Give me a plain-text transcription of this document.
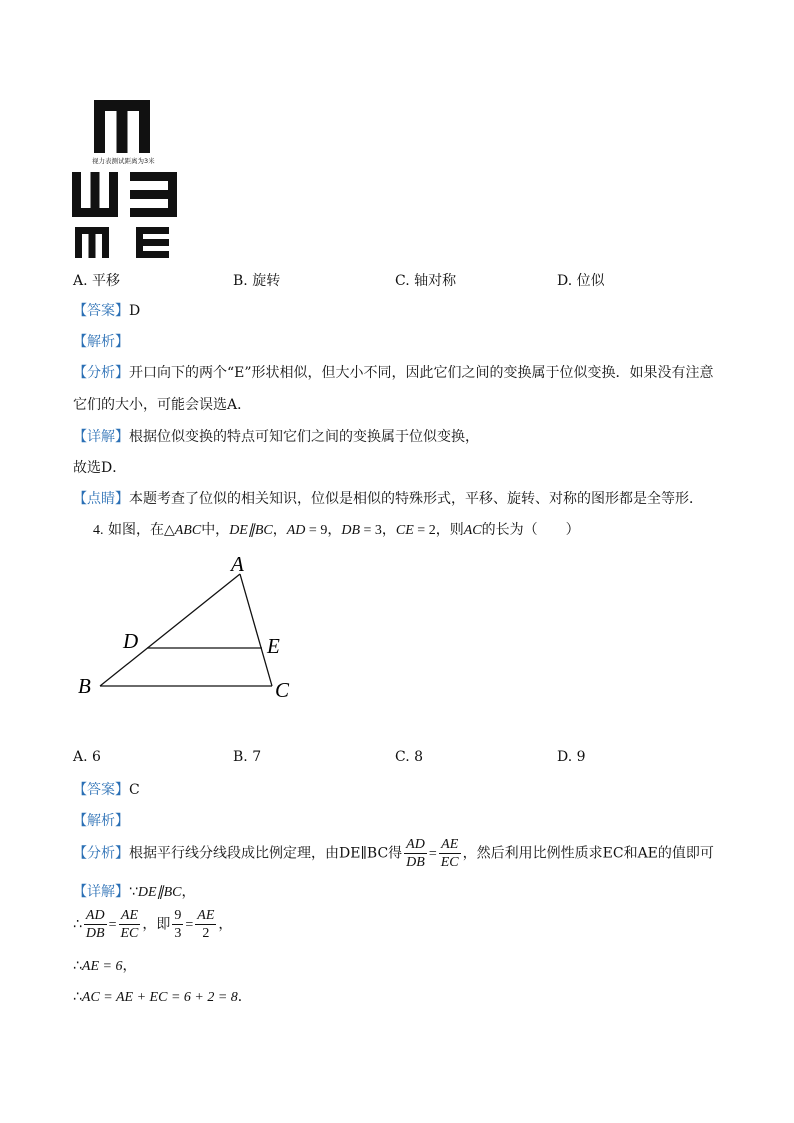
视力表测试距离为3米
A. 平移	B. 旋转	C. 轴对称	D. 位似
【答案】D
【解析】
【分析】开口向下的两个“E”形状相似，但大小不同，因此它们之间的变换属于位似变换．如果没有注意
它们的大小，可能会误选A．
【详解】根据位似变换的特点可知它们之间的变换属于位似变换，
故选D．
【点睛】本题考查了位似的相关知识，位似是相似的特殊形式，平移、旋转、对称的图形都是全等形．
4. 如图，在△ABC中，DE∥BC，AD = 9，DB = 3，CE = 2，则AC的长为（　　）
A
B	C
D	E
A. 6	B. 7	C. 8	D. 9
【答案】C
【解析】
【分析】根据平行线分线段成比例定理，由DE∥BC得 $\frac{AD}{DB} = \frac{AE}{EC}$ ，然后利用比例性质求EC和AE的值即可
【详解】∵DE∥BC，
∴ $\frac{AD}{DB} = \frac{AE}{EC}$ ，即 $\frac{9}{3} = \frac{AE}{2}$ ，
∴AE = 6，
∴AC = AE + EC = 6 + 2 = 8．
